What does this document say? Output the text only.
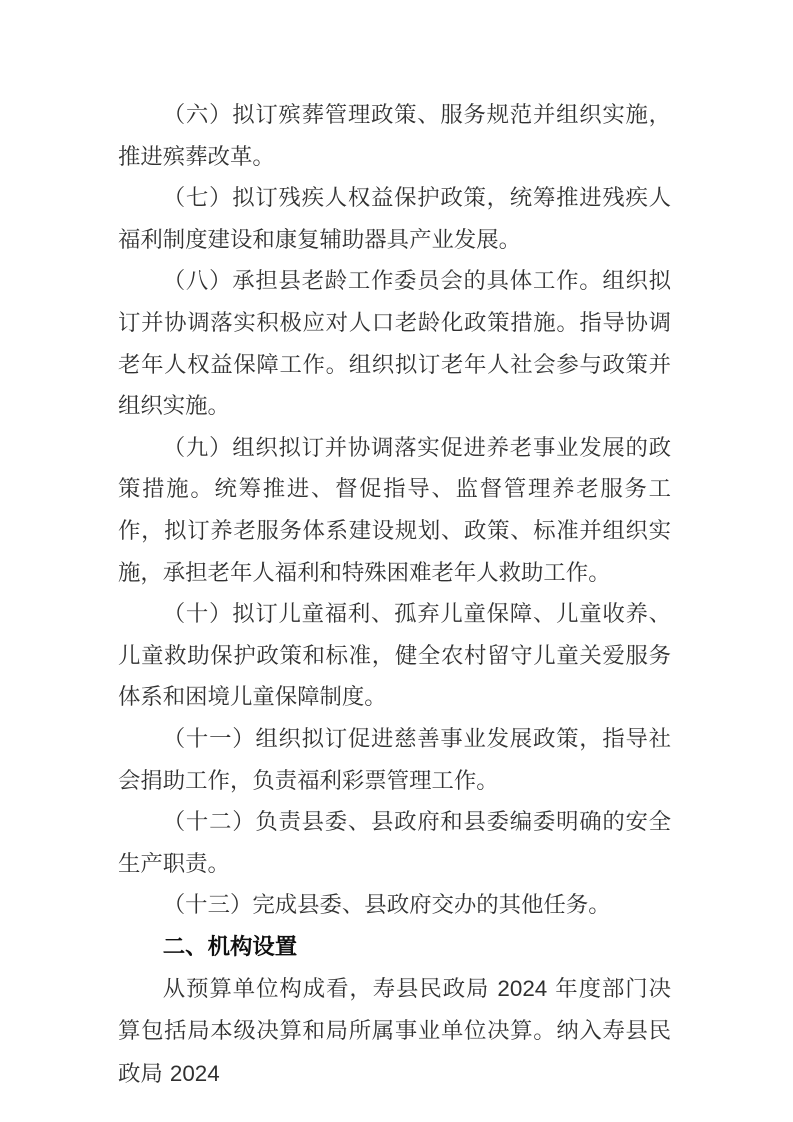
（六）拟订殡葬管理政策、服务规范并组织实施，推进殡葬改革。

（七）拟订残疾人权益保护政策，统筹推进残疾人福利制度建设和康复辅助器具产业发展。

（八）承担县老龄工作委员会的具体工作。组织拟订并协调落实积极应对人口老龄化政策措施。指导协调老年人权益保障工作。组织拟订老年人社会参与政策并组织实施。

（九）组织拟订并协调落实促进养老事业发展的政策措施。统筹推进、督促指导、监督管理养老服务工作，拟订养老服务体系建设规划、政策、标准并组织实施，承担老年人福利和特殊困难老年人救助工作。

（十）拟订儿童福利、孤弃儿童保障、儿童收养、儿童救助保护政策和标准，健全农村留守儿童关爱服务体系和困境儿童保障制度。

（十一）组织拟订促进慈善事业发展政策，指导社会捐助工作，负责福利彩票管理工作。

（十二）负责县委、县政府和县委编委明确的安全生产职责。

（十三）完成县委、县政府交办的其他任务。

二、机构设置

从预算单位构成看，寿县民政局 2024 年度部门决算包括局本级决算和局所属事业单位决算。纳入寿县民政局 2024
